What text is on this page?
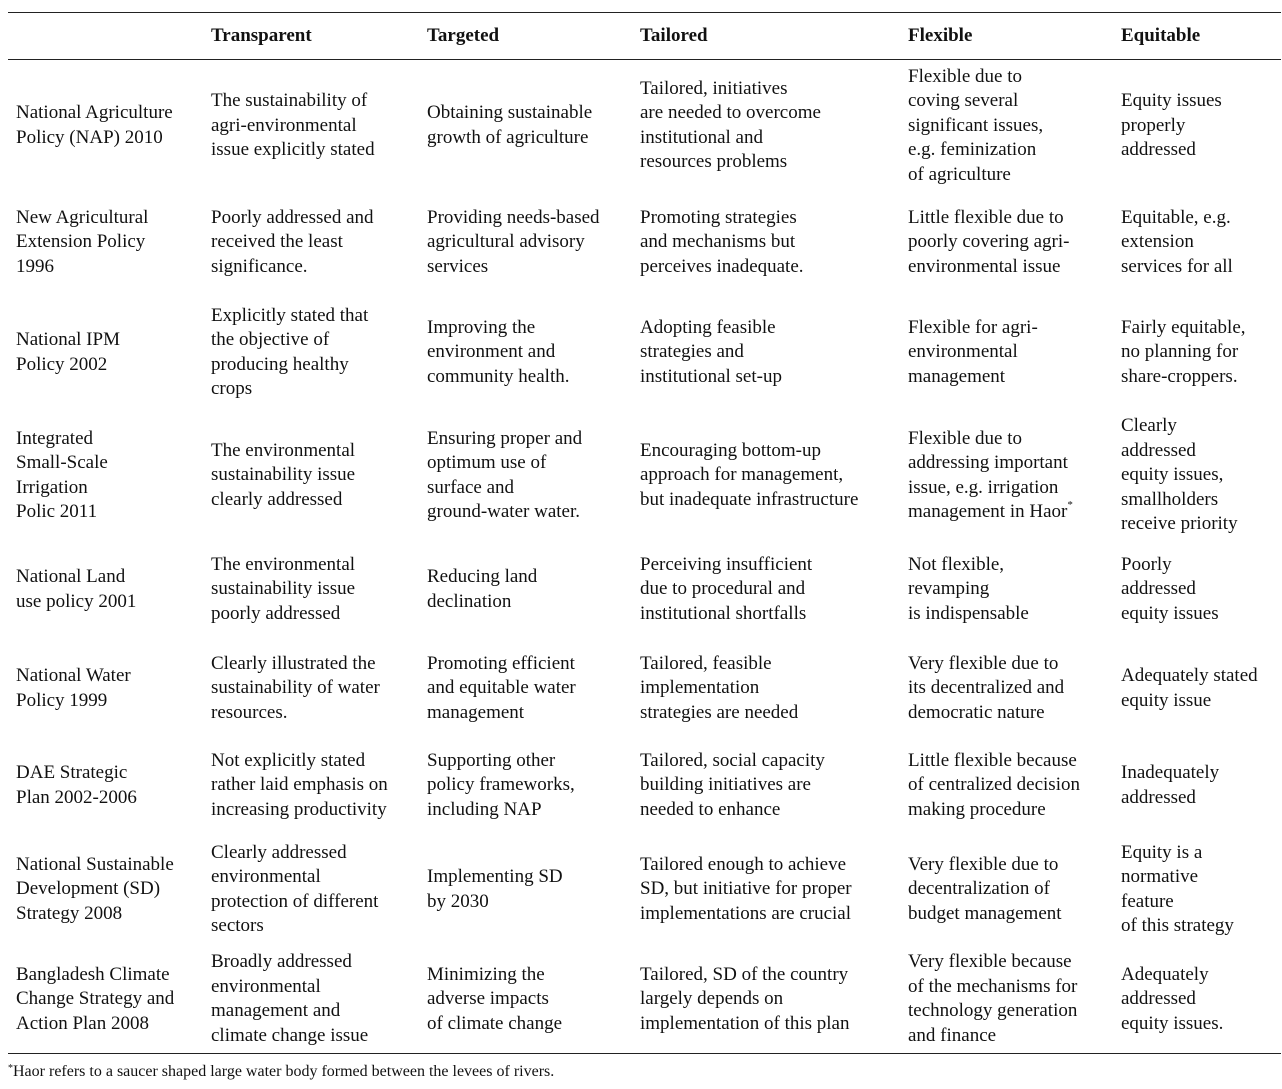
	Transparent	Targeted	Tailored	Flexible	Equitable

National Agriculture
Policy (NAP) 2010	The sustainability of
agri-environmental
issue explicitly stated	Obtaining sustainable
growth of agriculture	Tailored, initiatives
are needed to overcome
institutional and
resources problems	Flexible due to
coving several
significant issues,
e.g. feminization
of agriculture	Equity issues
properly
addressed

New Agricultural
Extension Policy
1996	Poorly addressed and
received the least
significance.	Providing needs-based
agricultural advisory
services	Promoting strategies
and mechanisms but
perceives inadequate.	Little flexible due to
poorly covering agri-
environmental issue	Equitable, e.g.
extension
services for all

National IPM
Policy 2002	Explicitly stated that
the objective of
producing healthy
crops	Improving the
environment and
community health.	Adopting feasible
strategies and
institutional set-up	Flexible for agri-
environmental
management	Fairly equitable,
no planning for
share-croppers.

Integrated
Small-Scale
Irrigation
Polic 2011	The environmental
sustainability issue
clearly addressed	Ensuring proper and
optimum use of
surface and
ground-water water.	Encouraging bottom-up
approach for management,
but inadequate infrastructure	Flexible due to
addressing important
issue, e.g. irrigation
management in Haor*	Clearly
addressed
equity issues,
smallholders
receive priority

National Land
use policy 2001	The environmental
sustainability issue
poorly addressed	Reducing land
declination	Perceiving insufficient
due to procedural and
institutional shortfalls	Not flexible,
revamping
is indispensable	Poorly
addressed
equity issues

National Water
Policy 1999	Clearly illustrated the
sustainability of water
resources.	Promoting efficient
and equitable water
management	Tailored, feasible
implementation
strategies are needed	Very flexible due to
its decentralized and
democratic nature	Adequately stated
equity issue

DAE Strategic
Plan 2002-2006	Not explicitly stated
rather laid emphasis on
increasing productivity	Supporting other
policy frameworks,
including NAP	Tailored, social capacity
building initiatives are
needed to enhance	Little flexible because
of centralized decision
making procedure	Inadequately
addressed

National Sustainable
Development (SD)
Strategy 2008	Clearly addressed
environmental
protection of different
sectors	Implementing SD
by 2030	Tailored enough to achieve
SD, but initiative for proper
implementations are crucial	Very flexible due to
decentralization of
budget management	Equity is a
normative
feature
of this strategy

Bangladesh Climate
Change Strategy and
Action Plan 2008	Broadly addressed
environmental
management and
climate change issue	Minimizing the
adverse impacts
of climate change	Tailored, SD of the country
largely depends on
implementation of this plan	Very flexible because
of the mechanisms for
technology generation
and finance	Adequately
addressed
equity issues.
*Haor refers to a saucer shaped large water body formed between the levees of rivers.
